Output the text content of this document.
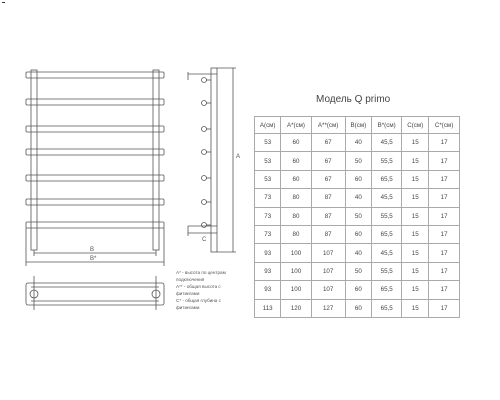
B
B*
A
C
Модель Q primo
А(см)	А*(см)	А**(см)	B(см)	B*(см)	C(см)	C*(см)
53	60	67	40	45,5	15	17
53	60	67	50	55,5	15	17
53	60	67	60	65,5	15	17
73	80	87	40	45,5	15	17
73	80	87	50	55,5	15	17
73	80	87	60	65,5	15	17
93	100	107	40	45,5	15	17
93	100	107	50	55,5	15	17
93	100	107	60	65,5	15	17
113	120	127	60	65,5	15	17
А* - высота по центрам
подключения
А** - общая высота с
фитингами
С* - общая глубина с
фитингами
